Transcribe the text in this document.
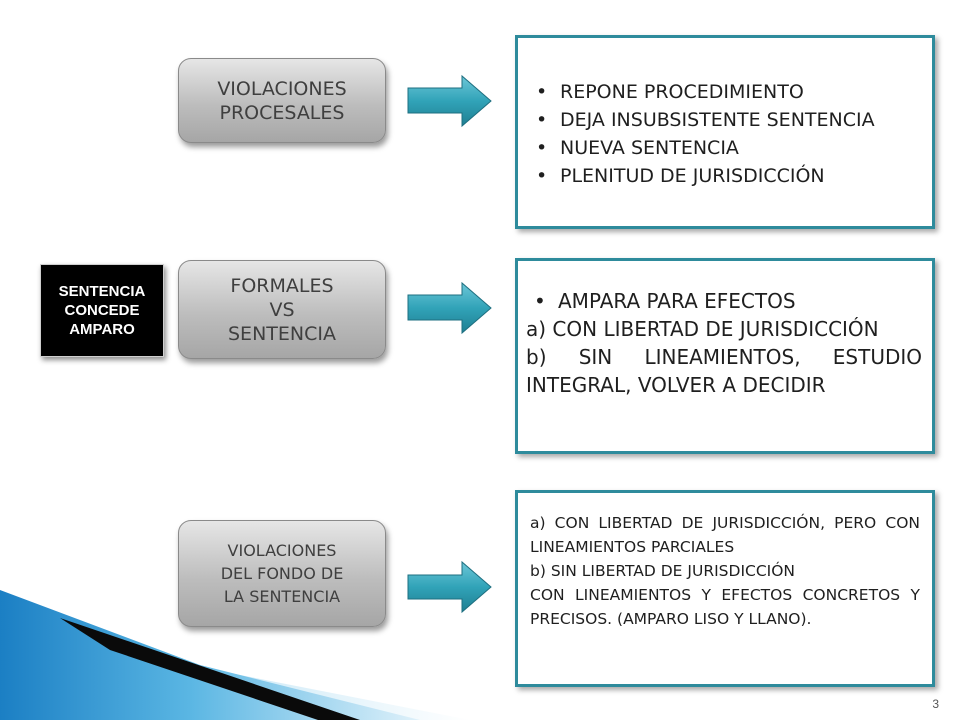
SENTENCIA
CONCEDE
AMPARO
VIOLACIONES
PROCESALES
FORMALES
VS
SENTENCIA
VIOLACIONES
DEL FONDO DE
LA SENTENCIA
• REPONE PROCEDIMIENTO
• DEJA INSUBSISTENTE SENTENCIA
• NUEVA SENTENCIA
• PLENITUD DE JURISDICCIÓN
• AMPARA PARA EFECTOS
a) CON LIBERTAD DE JURISDICCIÓN
b) SIN LINEAMIENTOS, ESTUDIO INTEGRAL, VOLVER A DECIDIR
a) CON LIBERTAD DE JURISDICCIÓN, PERO CON LINEAMIENTOS PARCIALES
b) SIN LIBERTAD DE JURISDICCIÓN
CON LINEAMIENTOS Y EFECTOS CONCRETOS Y PRECISOS. (AMPARO LISO Y LLANO).
3
